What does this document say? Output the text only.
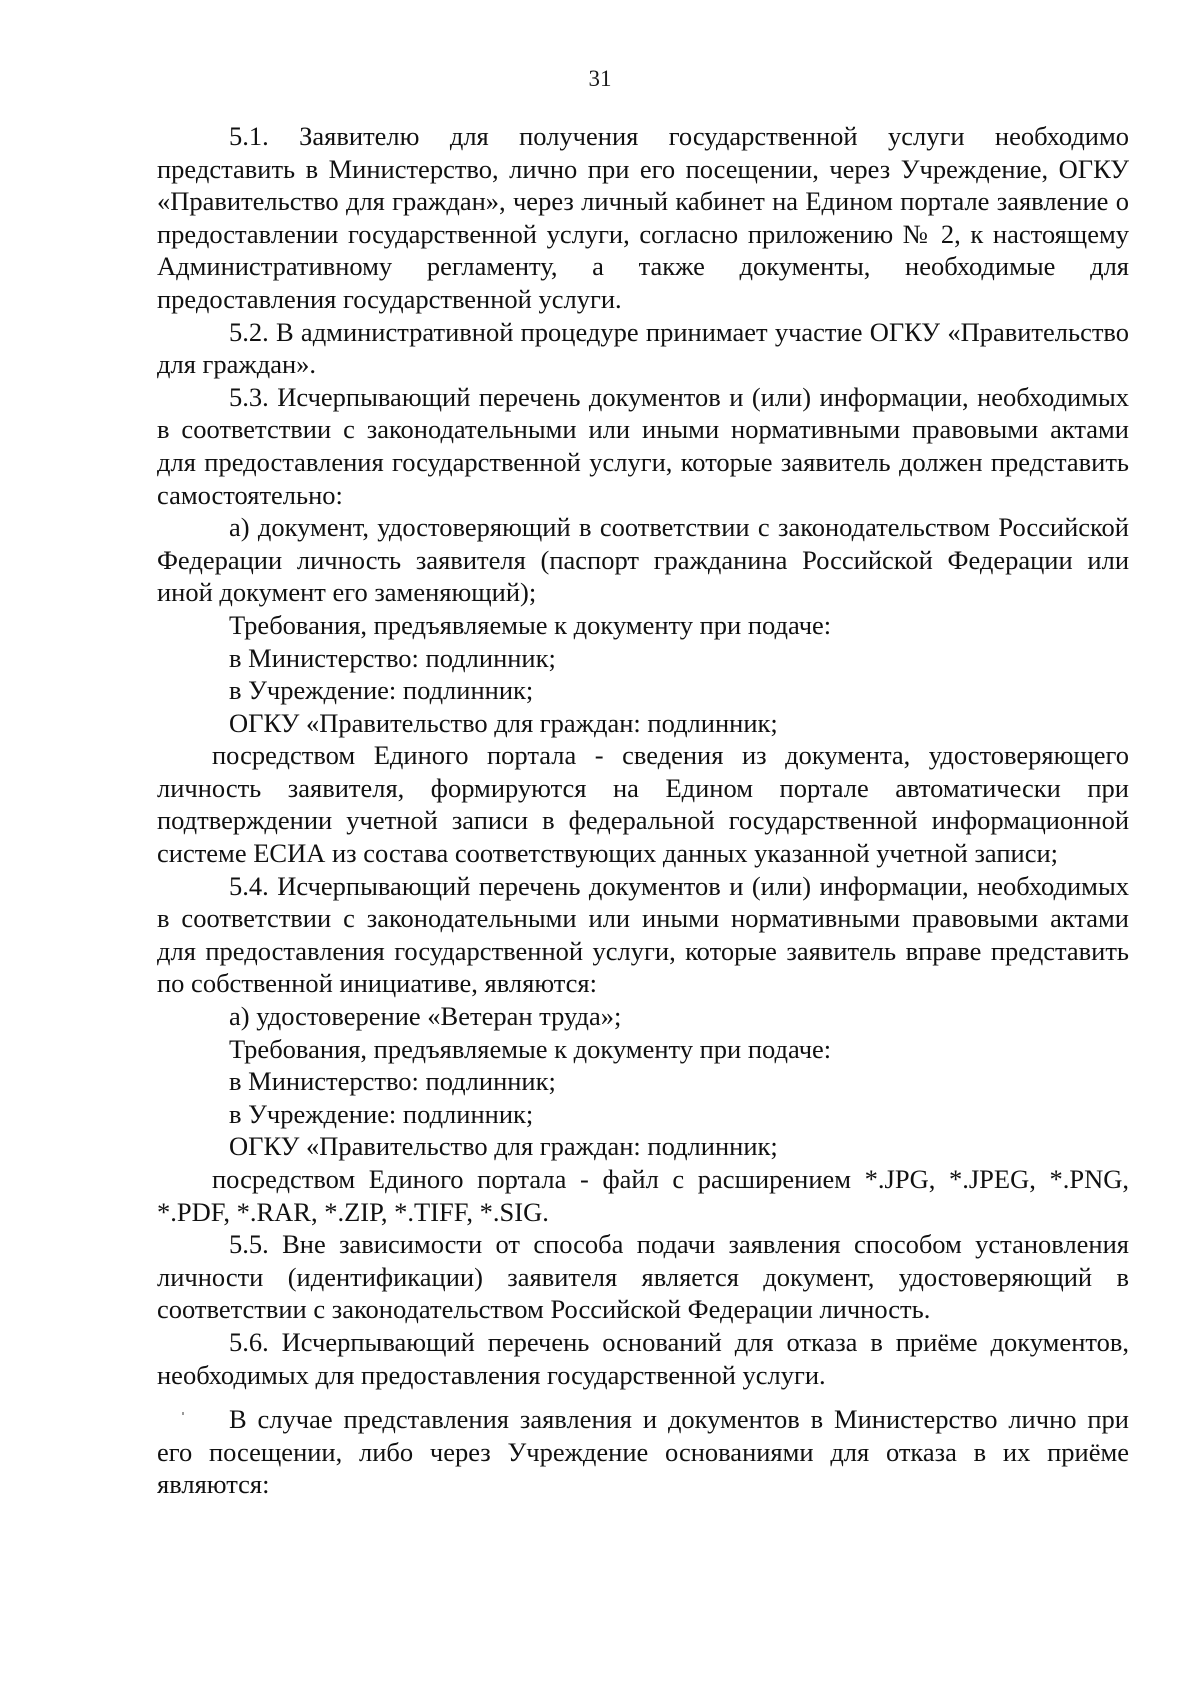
31

5.1. Заявителю для получения государственной услуги необходимо представить в Министерство, лично при его посещении, через Учреждение, ОГКУ «Правительство для граждан», через личный кабинет на Едином портале заявление о предоставлении государственной услуги, согласно приложению № 2, к настоящему Административному регламенту, а также документы, необходимые для предоставления государственной услуги.

5.2. В административной процедуре принимает участие ОГКУ «Правительство для граждан».

5.3. Исчерпывающий перечень документов и (или) информации, необходимых в соответствии с законодательными или иными нормативными правовыми актами для предоставления государственной услуги, которые заявитель должен представить самостоятельно:

а) документ, удостоверяющий в соответствии с законодательством Российской Федерации личность заявителя (паспорт гражданина Российской Федерации или иной документ его заменяющий);

Требования, предъявляемые к документу при подаче:

в Министерство: подлинник;

в Учреждение: подлинник;

ОГКУ «Правительство для граждан: подлинник;

посредством Единого портала - сведения из документа, удостоверяющего личность заявителя, формируются на Едином портале автоматически при подтверждении учетной записи в федеральной государственной информационной системе ЕСИА из состава соответствующих данных указанной учетной записи;

5.4. Исчерпывающий перечень документов и (или) информации, необходимых в соответствии с законодательными или иными нормативными правовыми актами для предоставления государственной услуги, которые заявитель вправе представить по собственной инициативе, являются:

а) удостоверение «Ветеран труда»;

Требования, предъявляемые к документу при подаче:

в Министерство: подлинник;

в Учреждение: подлинник;

ОГКУ «Правительство для граждан: подлинник;

посредством Единого портала - файл с расширением *.JPG, *.JPEG, *.PNG, *.PDF, *.RAR, *.ZIP, *.TIFF, *.SIG.

5.5. Вне зависимости от способа подачи заявления способом установления личности (идентификации) заявителя является документ, удостоверяющий в соответствии с законодательством Российской Федерации личность.

5.6. Исчерпывающий перечень оснований для отказа в приёме документов, необходимых для предоставления государственной услуги.

В случае представления заявления и документов в Министерство лично при его посещении, либо через Учреждение основаниями для отказа в их приёме являются:
